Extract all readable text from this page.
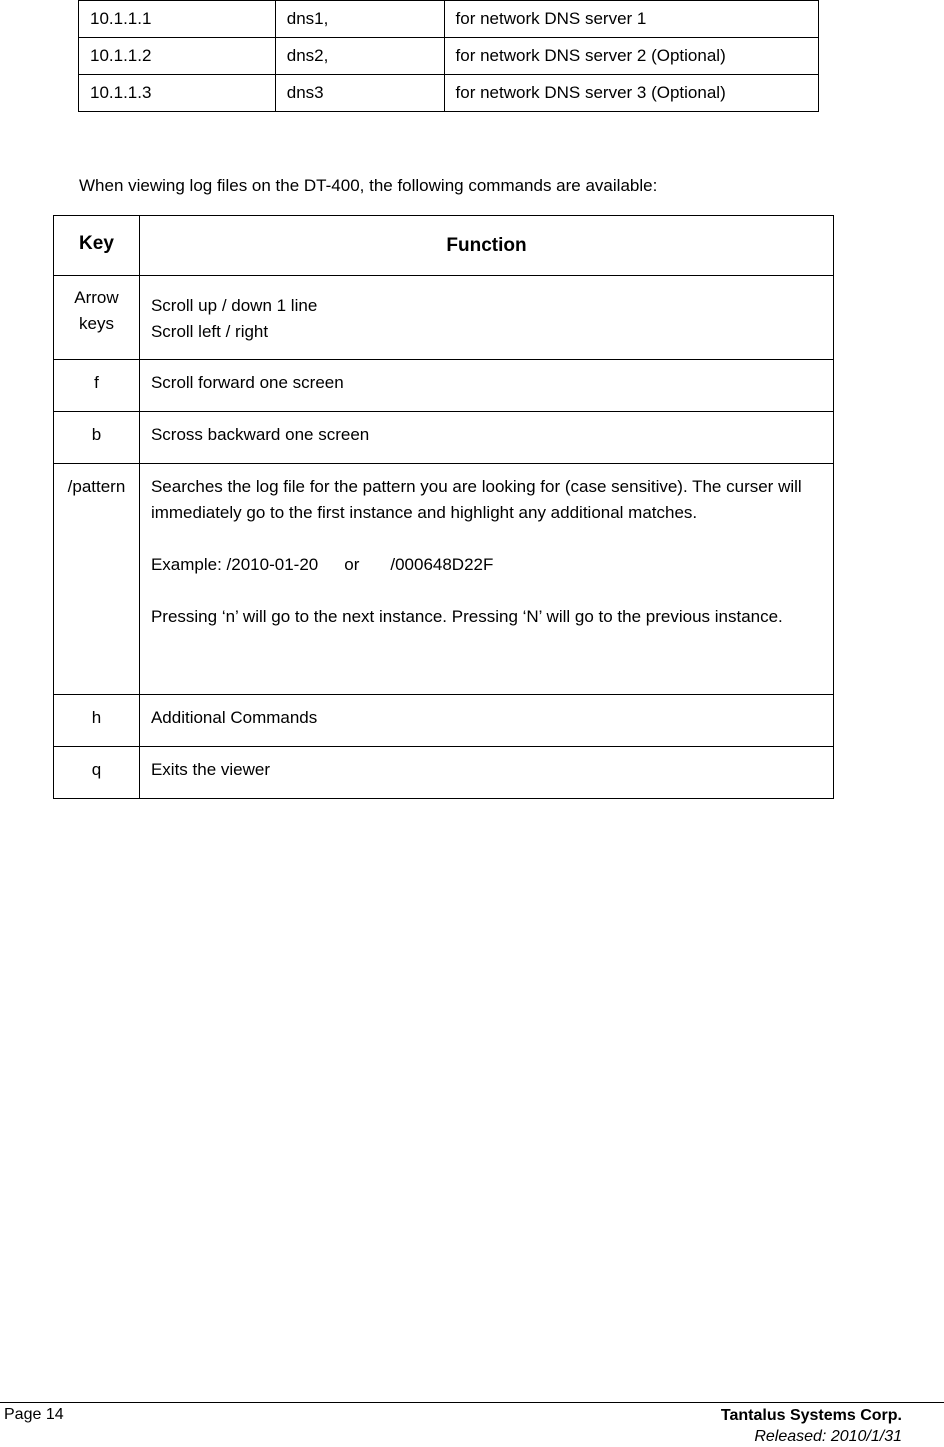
10.1.1.1	dns1,	for network DNS server 1
10.1.1.2	dns2,	for network DNS server 2 (Optional)
10.1.1.3	dns3	for network DNS server 3 (Optional)

When viewing log files on the DT-400, the following commands are available:

Key	Function
Arrow
keys	Scroll up / down 1 line
Scroll left / right
f	Scroll forward one screen
b	Scross backward one screen
/pattern	Searches the log file for the pattern you are looking for (case sensitive). The curser will immediately go to the first instance and highlight any additional matches.

Example: /2010-01-20 or /000648D22F

Pressing ‘n’ will go to the next instance. Pressing ‘N’ will go to the previous instance.

h	Additional Commands
q	Exits the viewer
Page 14	Tantalus Systems Corp.
Released: 2010/1/31
